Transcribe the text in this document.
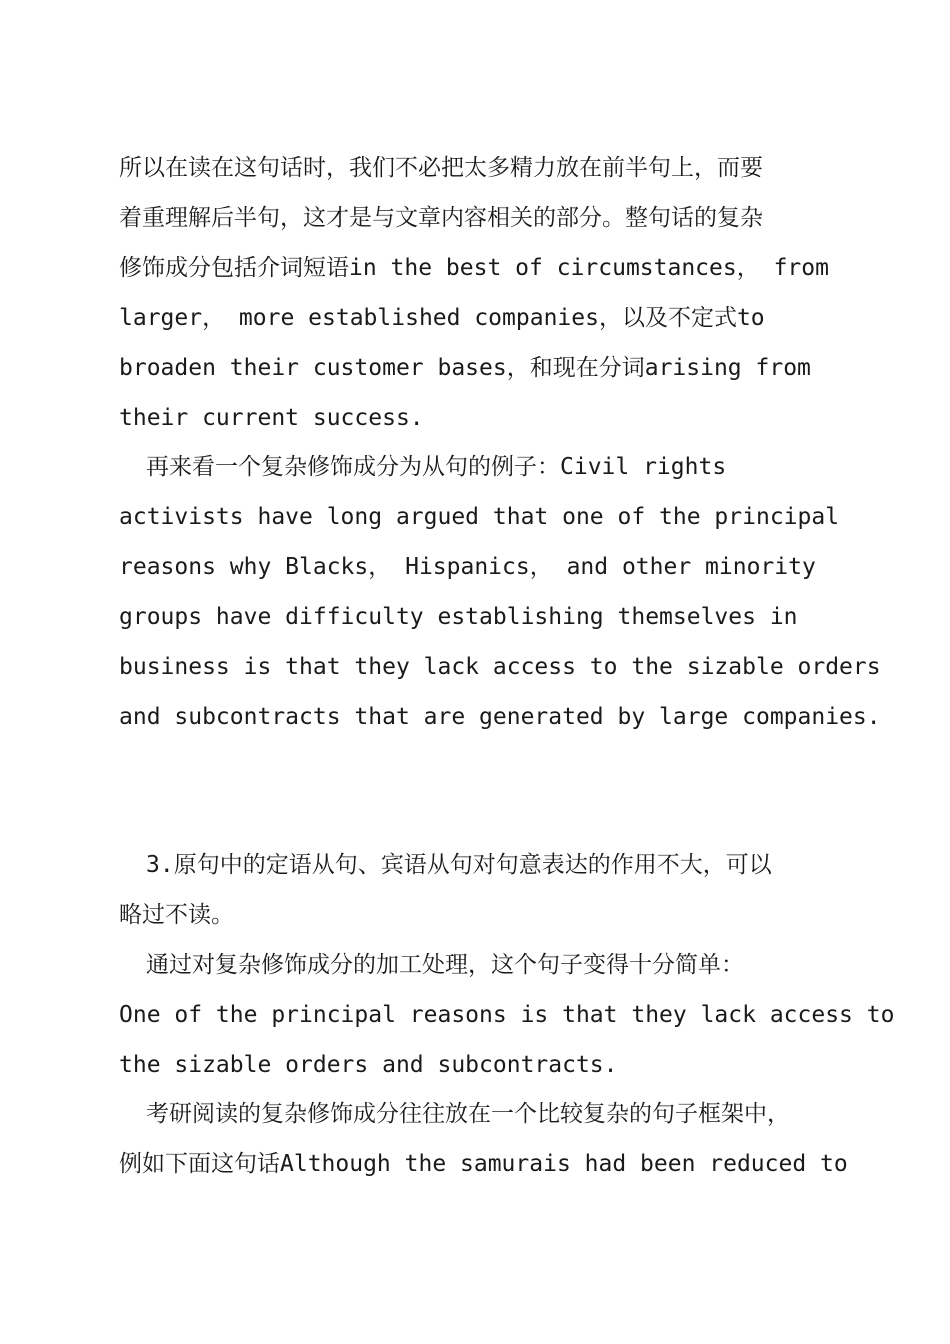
所以在读在这句话时，我们不必把太多精力放在前半句上，而要
着重理解后半句，这才是与文章内容相关的部分。整句话的复杂
修饰成分包括介词短语in the best of circumstances， from
larger， more established companies，以及不定式to
broaden their customer bases，和现在分词arising from
their current success.
再来看一个复杂修饰成分为从句的例子：Civil rights
activists have long argued that one of the principal
reasons why Blacks， Hispanics， and other minority
groups have difficulty establishing themselves in
business is that they lack access to the sizable orders
and subcontracts that are generated by large companies.
3.原句中的定语从句、宾语从句对句意表达的作用不大，可以
略过不读。
通过对复杂修饰成分的加工处理，这个句子变得十分简单：
One of the principal reasons is that they lack access to
the sizable orders and subcontracts.
考研阅读的复杂修饰成分往往放在一个比较复杂的句子框架中，
例如下面这句话Although the samurais had been reduced to
